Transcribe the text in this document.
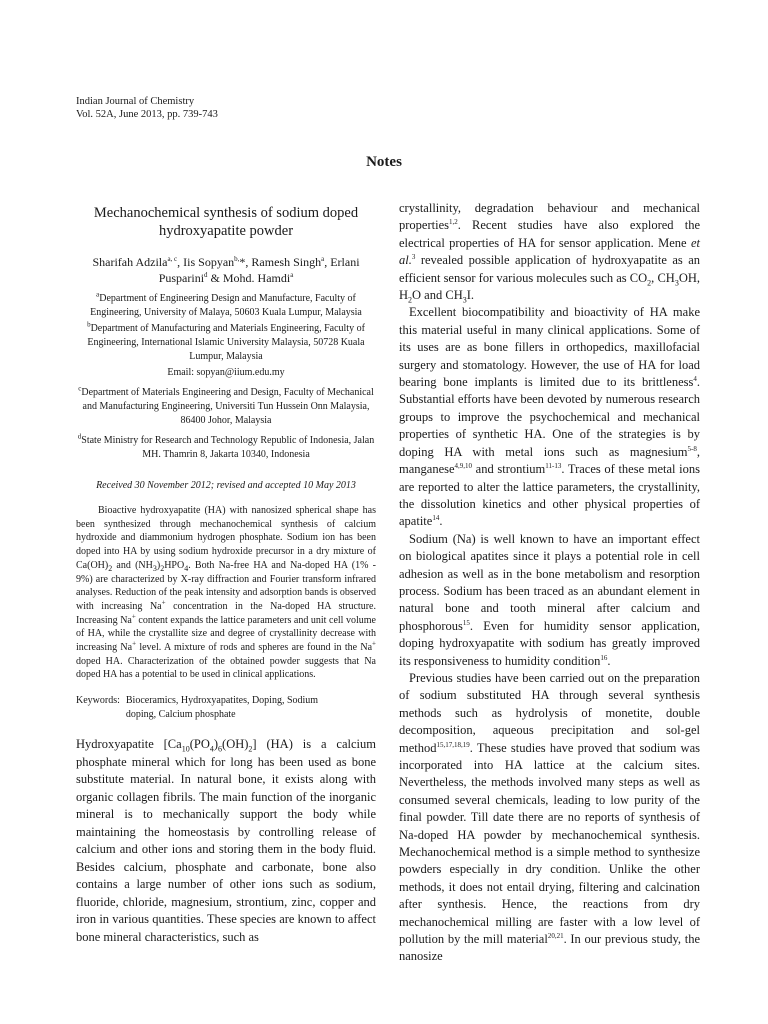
Indian Journal of Chemistry
Vol. 52A, June 2013, pp. 739-743
Notes

Mechanochemical synthesis of sodium doped hydroxyapatite powder

Sharifah Adzila$^{a, c}$, Iis Sopyan$^{b,}$*, Ramesh Singh$^a$, Erlani Pusparini$^d$ & Mohd. Hamdi$^a$

$^a$Department of Engineering Design and Manufacture, Faculty of Engineering, University of Malaya, 50603 Kuala Lumpur, Malaysia

$^b$Department of Manufacturing and Materials Engineering, Faculty of Engineering, International Islamic University Malaysia, 50728 Kuala Lumpur, Malaysia

Email: sopyan@iium.edu.my

$^c$Department of Materials Engineering and Design, Faculty of Mechanical and Manufacturing Engineering, Universiti Tun Hussein Onn Malaysia, 86400 Johor, Malaysia

$^d$State Ministry for Research and Technology Republic of Indonesia, Jalan MH. Thamrin 8, Jakarta 10340, Indonesia

Received 30 November 2012; revised and accepted 10 May 2013

Bioactive hydroxyapatite (HA) with nanosized spherical shape has been synthesized through mechanochemical synthesis of calcium hydroxide and diammonium hydrogen phosphate. Sodium ion has been doped into HA by using sodium hydroxide precursor in a dry mixture of $Ca(OH)_2$ and $(NH_3)_2HPO_4$. Both Na-free HA and Na-doped HA (1% - 9%) are characterized by X-ray diffraction and Fourier transform infrared analyses. Reduction of the peak intensity and adsorption bands is observed with increasing Na+ concentration in the Na-doped HA structure. Increasing Na+ content expands the lattice parameters and unit cell volume of HA, while the crystallite size and degree of crystallinity decrease with increasing Na+ level. A mixture of rods and spheres are found in the Na+ doped HA. Characterization of the obtained powder suggests that Na doped HA has a potential to be used in clinical applications.

Keywords: Bioceramics, Hydroxyapatites, Doping, Sodium
doping, Calcium phosphate

Hydroxyapatite $[Ca_{10}(PO_4)_6(OH)_2]$ (HA) is a calcium phosphate mineral which for long has been used as bone substitute material. In natural bone, it exists along with organic collagen fibrils. The main function of the inorganic mineral is to mechanically support the body while maintaining the homeostasis by controlling release of calcium and other ions and storing them in the body fluid. Besides calcium, phosphate and carbonate, bone also contains a large number of other ions such as sodium, fluoride, chloride, magnesium, strontium, zinc, copper and iron in various quantities. These species are known to affect bone mineral characteristics, such as

crystallinity, degradation behaviour and mechanical properties$^{1,2}$. Recent studies have also explored the electrical properties of HA for sensor application. Mene et al.$^3$ revealed possible application of hydroxyapatite as an efficient sensor for various molecules such as $CO_2$, $CH_3OH$, $H_2O$ and $CH_3I$.

Excellent biocompatibility and bioactivity of HA make this material useful in many clinical applications. Some of its uses are as bone fillers in orthopedics, maxillofacial surgery and stomatology. However, the use of HA for load bearing bone implants is limited due to its brittleness$^4$. Substantial efforts have been devoted by numerous research groups to improve the psychochemical and mechanical properties of synthetic HA. One of the strategies is by doping HA with metal ions such as magnesium$^{5-8}$, manganese$^{4,9,10}$ and strontium$^{11-13}$. Traces of these metal ions are reported to alter the lattice parameters, the crystallinity, the dissolution kinetics and other physical properties of apatite$^{14}$.

Sodium (Na) is well known to have an important effect on biological apatites since it plays a potential role in cell adhesion as well as in the bone metabolism and resorption process. Sodium has been traced as an abundant element in natural bone and tooth mineral after calcium and phosphorous$^{15}$. Even for humidity sensor application, doping hydroxyapatite with sodium has greatly improved its responsiveness to humidity condition$^{16}$.

Previous studies have been carried out on the preparation of sodium substituted HA through several synthesis methods such as hydrolysis of monetite, double decomposition, aqueous precipitation and sol-gel method$^{15,17,18,19}$. These studies have proved that sodium was incorporated into HA lattice at the calcium sites. Nevertheless, the methods involved many steps as well as consumed several chemicals, leading to low purity of the final powder. Till date there are no reports of synthesis of Na-doped HA powder by mechanochemical synthesis. Mechanochemical method is a simple method to synthesize powders especially in dry condition. Unlike the other methods, it does not entail drying, filtering and calcination after synthesis. Hence, the reactions from dry mechanochemical milling are faster with a low level of pollution by the mill material$^{20,21}$. In our previous study, the nanosize
